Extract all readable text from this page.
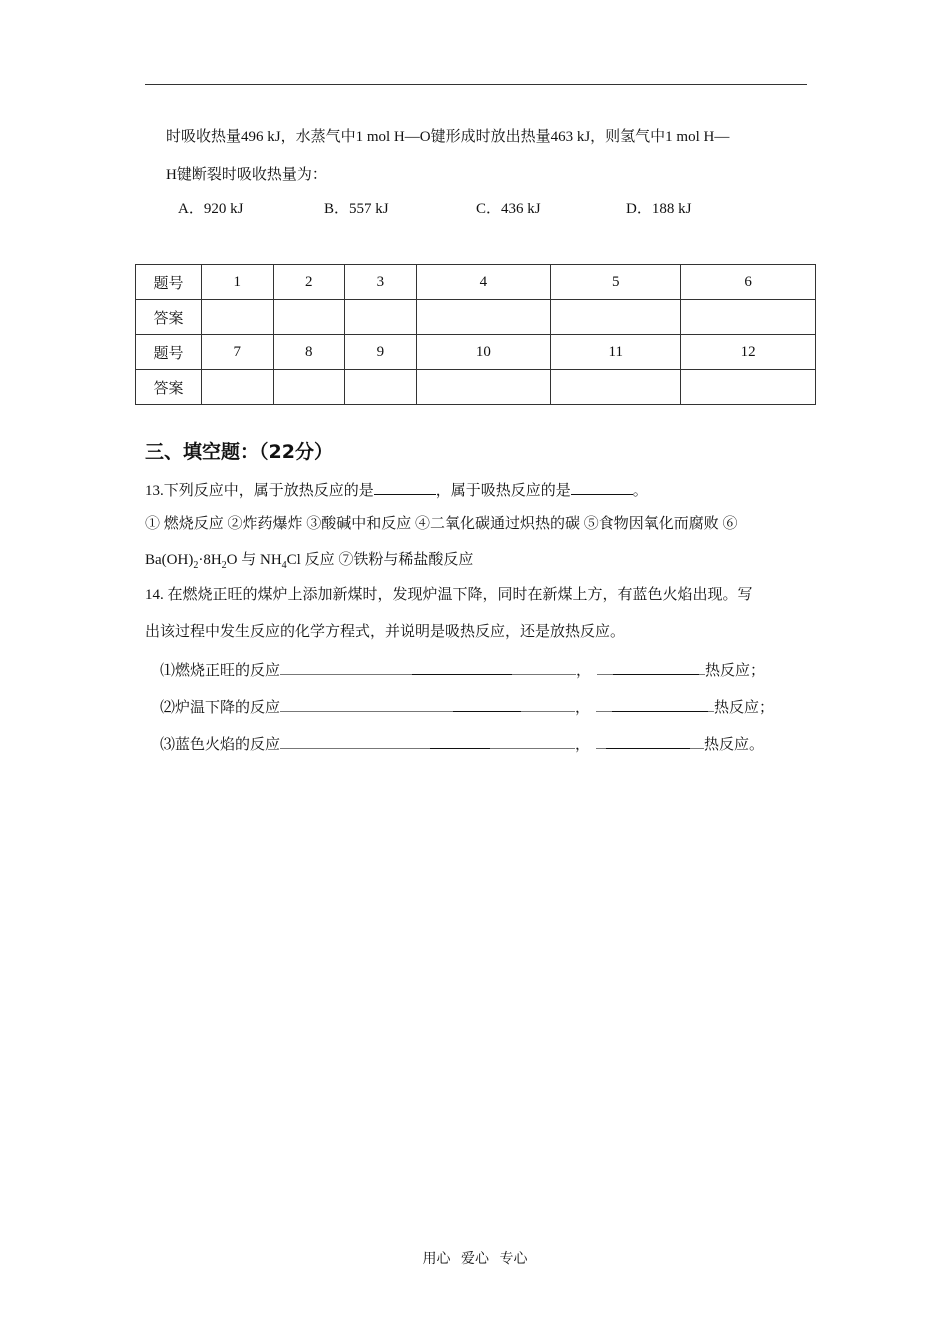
时吸收热量496 kJ，水蒸气中1 mol H—O键形成时放出热量463 kJ，则氢气中1 mol H—
H键断裂时吸收热量为：
A．920 kJ	B．557 kJ	C．436 kJ	D．188 kJ
题号	1	2	3	4	5	6
答案						
题号	7	8	9	10	11	12
答案						
三、填空题：（22分）
13.下列反应中，属于放热反应的是	，属于吸热反应的是	。
① 燃烧反应 ②炸药爆炸 ③酸碱中和反应 ④二氧化碳通过炽热的碳 ⑤食物因氧化而腐败 ⑥
$Ba(OH)_2\cdot 8H_2O$ 与 $NH_4Cl$ 反应 ⑦铁粉与稀盐酸反应
14. 在燃烧正旺的煤炉上添加新煤时，发现炉温下降，同时在新煤上方，有蓝色火焰出现。写
出该过程中发生反应的化学方程式，并说明是吸热反应，还是放热反应。
⑴燃烧正旺的反应	，	热反应；
⑵炉温下降的反应	，	热反应；
⑶蓝色火焰的反应	，	热反应。
用心   爱心   专心
